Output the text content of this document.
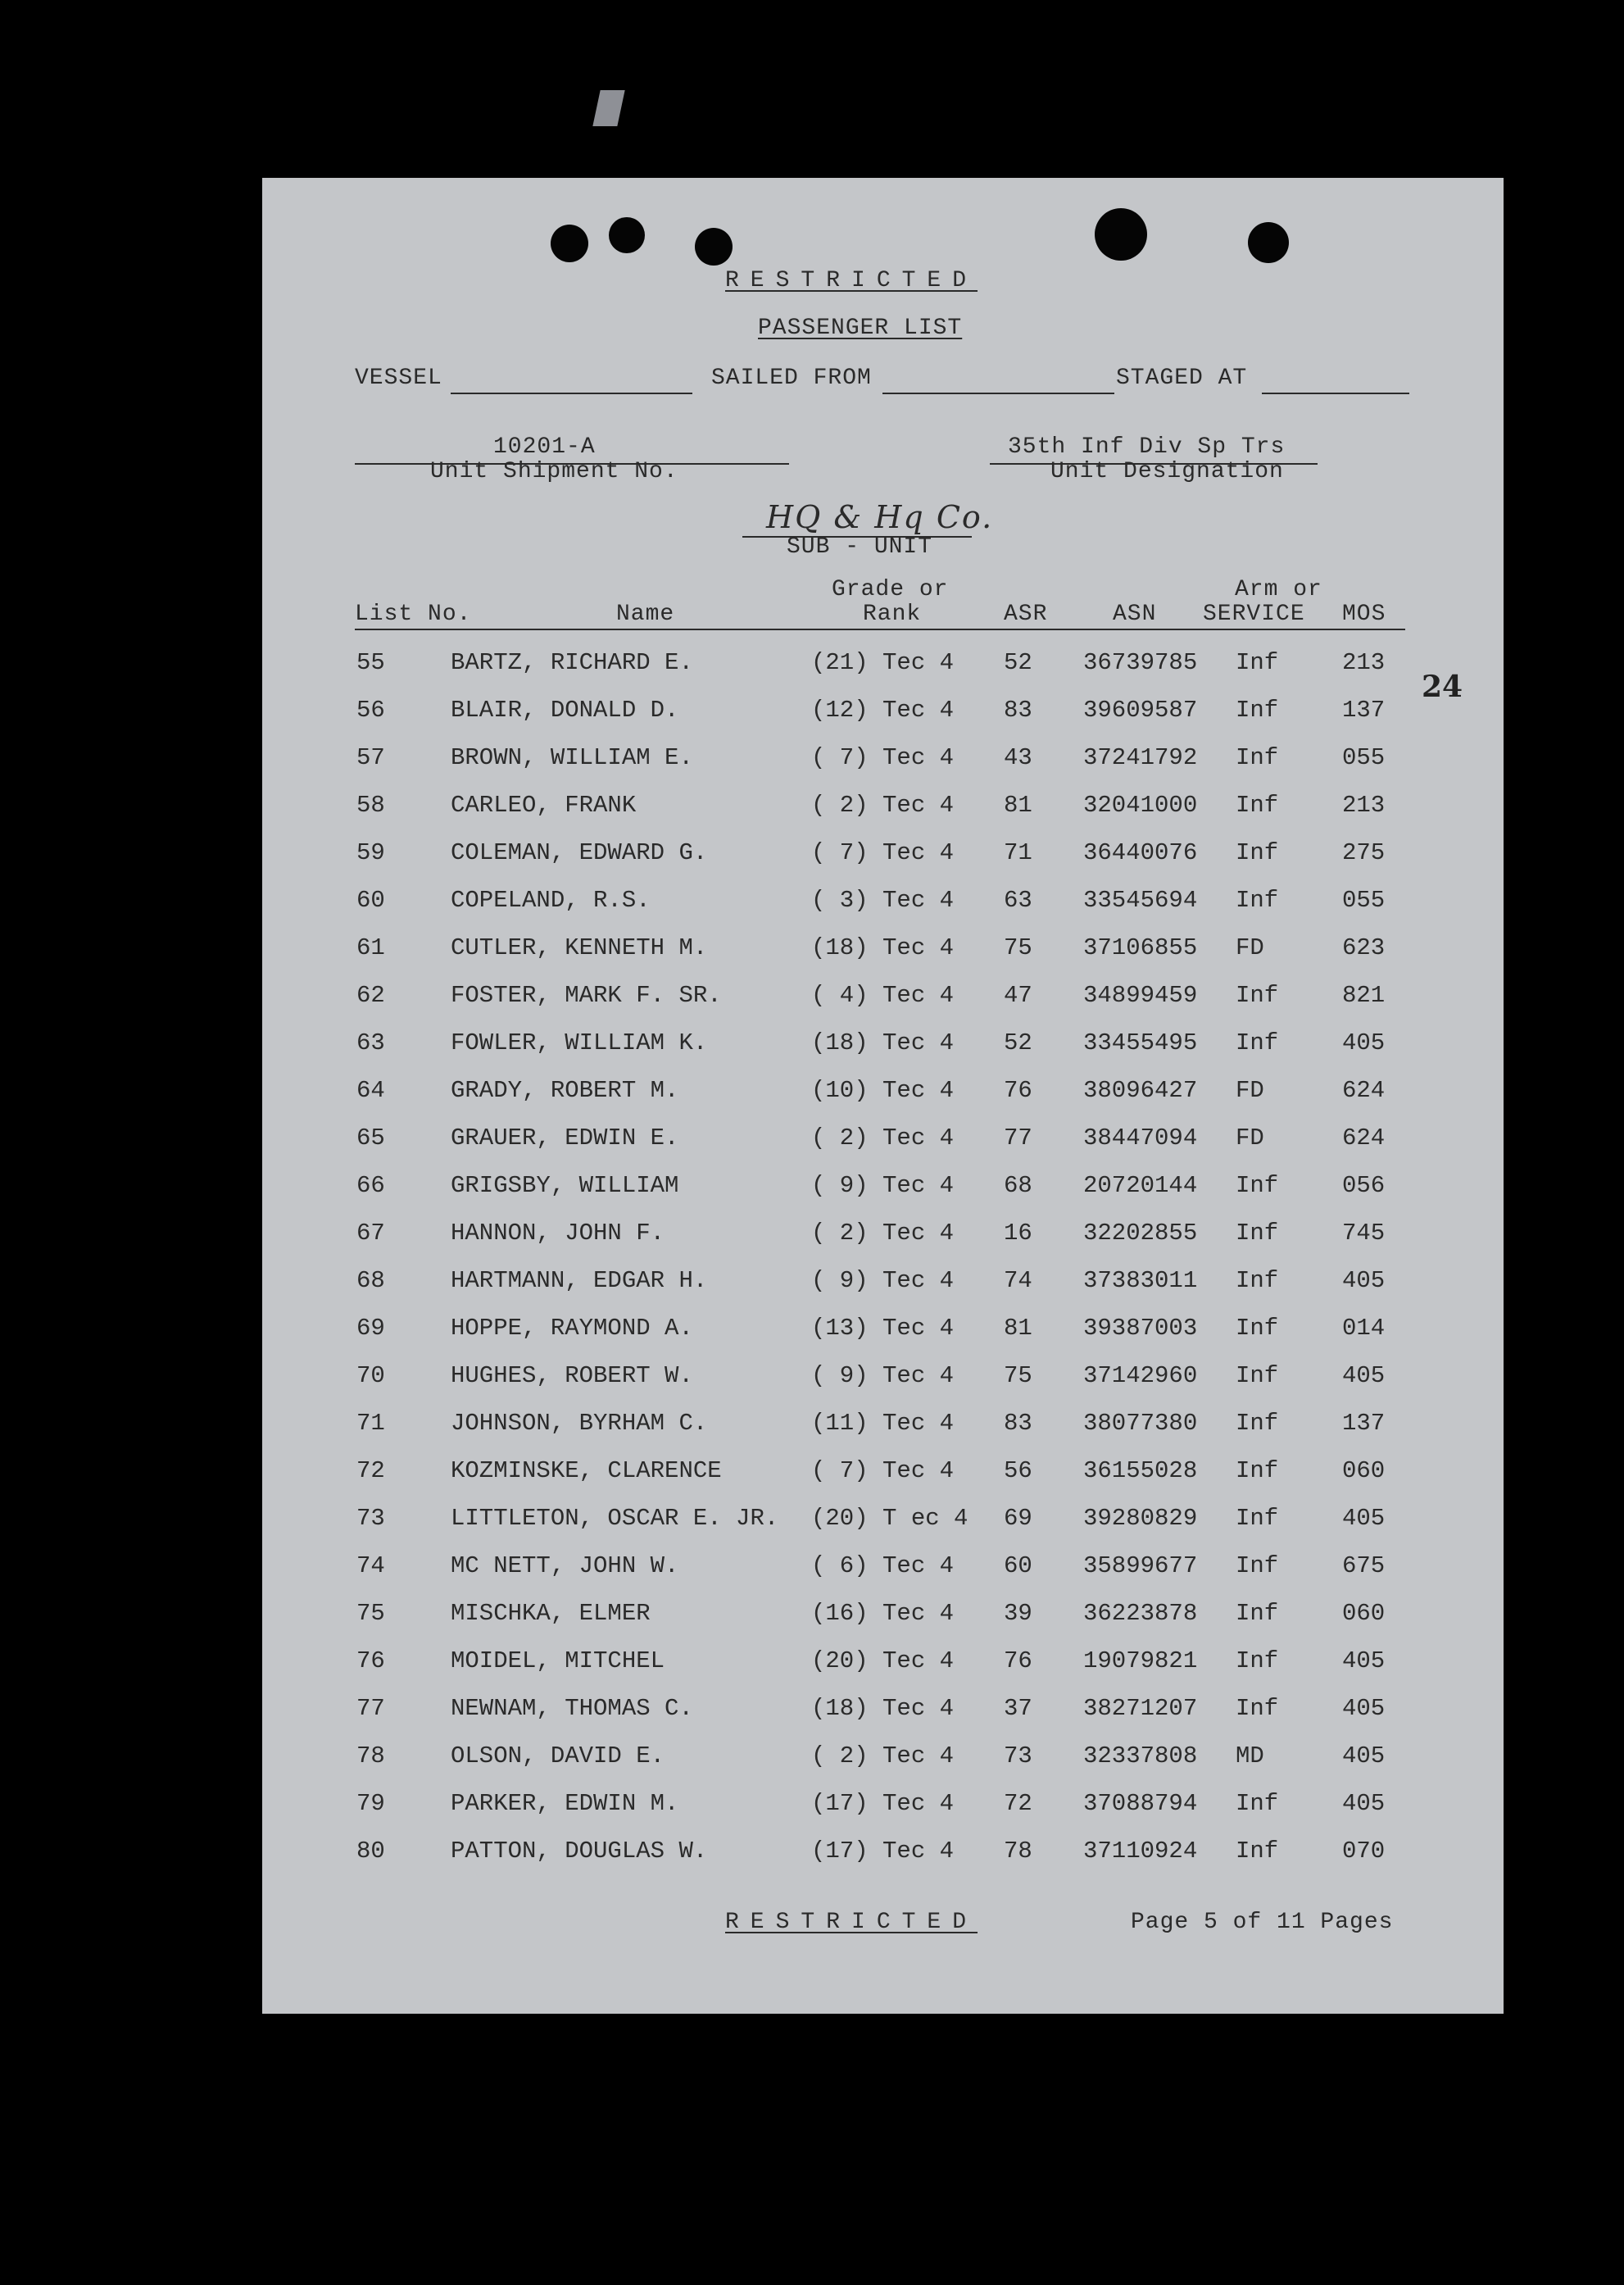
RESTRICTED
PASSENGER LIST
VESSEL	SAILED FROM	STAGED AT
10201-A
Unit Shipment No.
35th Inf Div Sp Trs
Unit Designation
HQ & Hq Co.
SUB - UNIT
Grade or	Arm or
List No.	Name	Rank	ASR	ASN SERVICE MOS
55	BARTZ, RICHARD E.	(21) Tec 4 52 36739785 Inf	213
56	BLAIR, DONALD D.	(12) Tec 4 83 39609587 Inf	137
57	BROWN, WILLIAM E.	( 7) Tec 4 43 37241792 Inf	055
58	CARLEO, FRANK	( 2) Tec 4 81 32041000 Inf	213
59	COLEMAN, EDWARD G.	( 7) Tec 4 71 36440076 Inf	275
60	COPELAND, R.S.	( 3) Tec 4 63 33545694 Inf	055
61	CUTLER, KENNETH M.	(18) Tec 4 75 37106855 FD	623
62	FOSTER, MARK F. SR.	( 4) Tec 4 47 34899459 Inf	821
63	FOWLER, WILLIAM K.	(18) Tec 4 52 33455495 Inf	405
64	GRADY, ROBERT M.	(10) Tec 4 76 38096427 FD	624
65	GRAUER, EDWIN E.	( 2) Tec 4 77 38447094 FD	624
66	GRIGSBY, WILLIAM	( 9) Tec 4 68 20720144 Inf	056
67	HANNON, JOHN F.	( 2) Tec 4 16 32202855 Inf	745
68	HARTMANN, EDGAR H.	( 9) Tec 4 74 37383011 Inf	405
69	HOPPE, RAYMOND A.	(13) Tec 4 81 39387003 Inf	014
70	HUGHES, ROBERT W.	( 9) Tec 4 75 37142960 Inf	405
71	JOHNSON, BYRHAM C.	(11) Tec 4 83 38077380 Inf	137
72	KOZMINSKE, CLARENCE	( 7) Tec 4 56 36155028 Inf	060
73	LITTLETON, OSCAR E. JR. (20) T ec 4 69 39280829 Inf	405
74	MC NETT, JOHN W.	( 6) Tec 4 60 35899677 Inf	675
75	MISCHKA, ELMER	(16) Tec 4 39 36223878 Inf	060
76	MOIDEL, MITCHEL	(20) Tec 4 76 19079821 Inf	405
77	NEWNAM, THOMAS C.	(18) Tec 4 37 38271207 Inf	405
78	OLSON, DAVID E.	( 2) Tec 4 73 32337808 MD	405
79	PARKER, EDWIN M.	(17) Tec 4 72 37088794 Inf	405
80	PATTON, DOUGLAS W.	(17) Tec 4 78 37110924 Inf	070
24
RESTRICTED	Page 5 of 11 Pages
